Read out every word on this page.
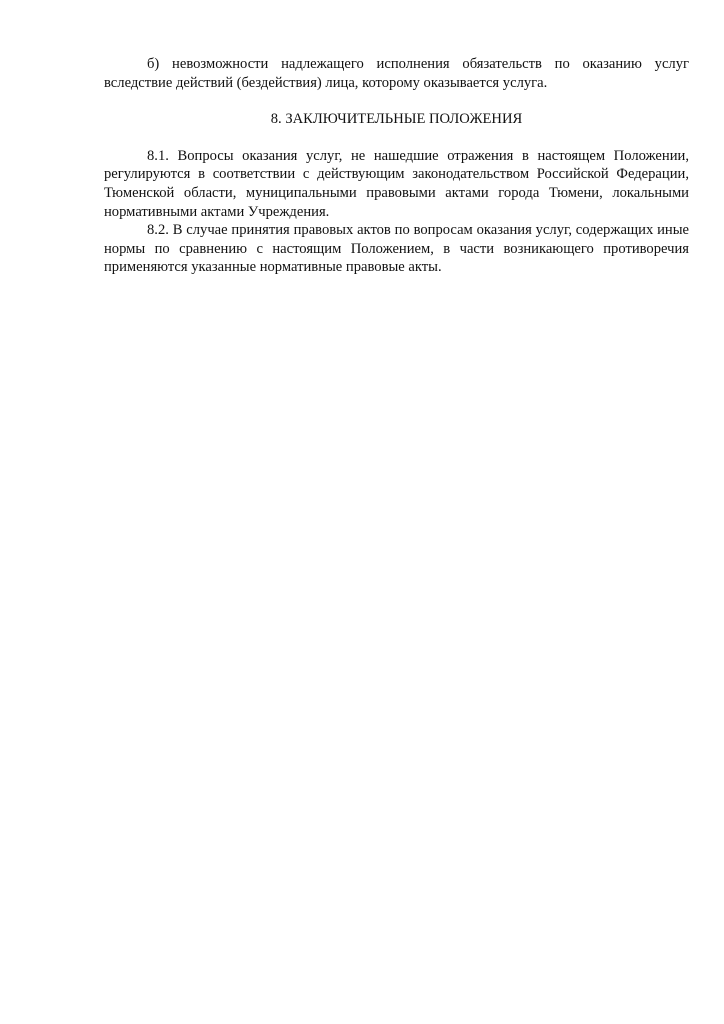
б) невозможности надлежащего исполнения обязательств по оказанию услуг вследствие действий (бездействия) лица, которому оказывается услуга.

8. ЗАКЛЮЧИТЕЛЬНЫЕ ПОЛОЖЕНИЯ

8.1. Вопросы оказания услуг, не нашедшие отражения в настоящем Положении, регулируются в соответствии с действующим законодательством Российской Федерации, Тюменской области, муниципальными правовыми актами города Тюмени, локальными нормативными актами Учреждения.

8.2. В случае принятия правовых актов по вопросам оказания услуг, содержащих иные нормы по сравнению с настоящим Положением, в части возникающего противоречия применяются указанные нормативные правовые акты.
